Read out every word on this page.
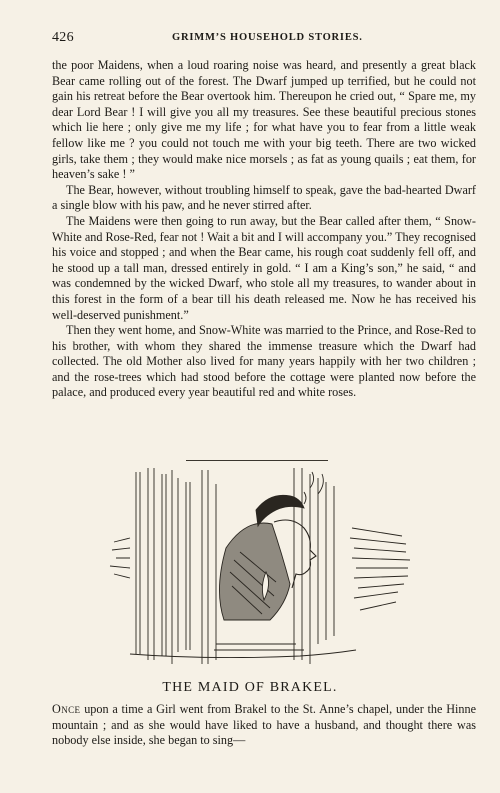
426	GRIMM’S HOUSEHOLD STORIES.

the poor Maidens, when a loud roaring noise was heard, and presently a great black Bear came rolling out of the forest. The Dwarf jumped up terrified, but he could not gain his retreat before the Bear overtook him. Thereupon he cried out, “ Spare me, my dear Lord Bear ! I will give you all my treasures. See these beautiful precious stones which lie here ; only give me my life ; for what have you to fear from a little weak fellow like me ? you could not touch me with your big teeth. There are two wicked girls, take them ; they would make nice morsels ; as fat as young quails ; eat them, for heaven’s sake ! ”

The Bear, however, without troubling himself to speak, gave the bad-hearted Dwarf a single blow with his paw, and he never stirred after.

The Maidens were then going to run away, but the Bear called after them, “ Snow-White and Rose-Red, fear not ! Wait a bit and I will accompany you.” They recognised his voice and stopped ; and when the Bear came, his rough coat suddenly fell off, and he stood up a tall man, dressed entirely in gold. “ I am a King’s son,” he said, “ and was condemned by the wicked Dwarf, who stole all my treasures, to wander about in this forest in the form of a bear till his death released me. Now he has received his well-deserved punishment.”

Then they went home, and Snow-White was married to the Prince, and Rose-Red to his brother, with whom they shared the immense treasure which the Dwarf had collected. The old Mother also lived for many years happily with her two children ; and the rose-trees which had stood before the cottage were planted now before the palace, and produced every year beautiful red and white roses.

THE MAID OF BRAKEL.

Once upon a time a Girl went from Brakel to the St. Anne’s chapel, under the Hinne mountain ; and as she would have liked to have a husband, and thought there was nobody else inside, she began to sing—
